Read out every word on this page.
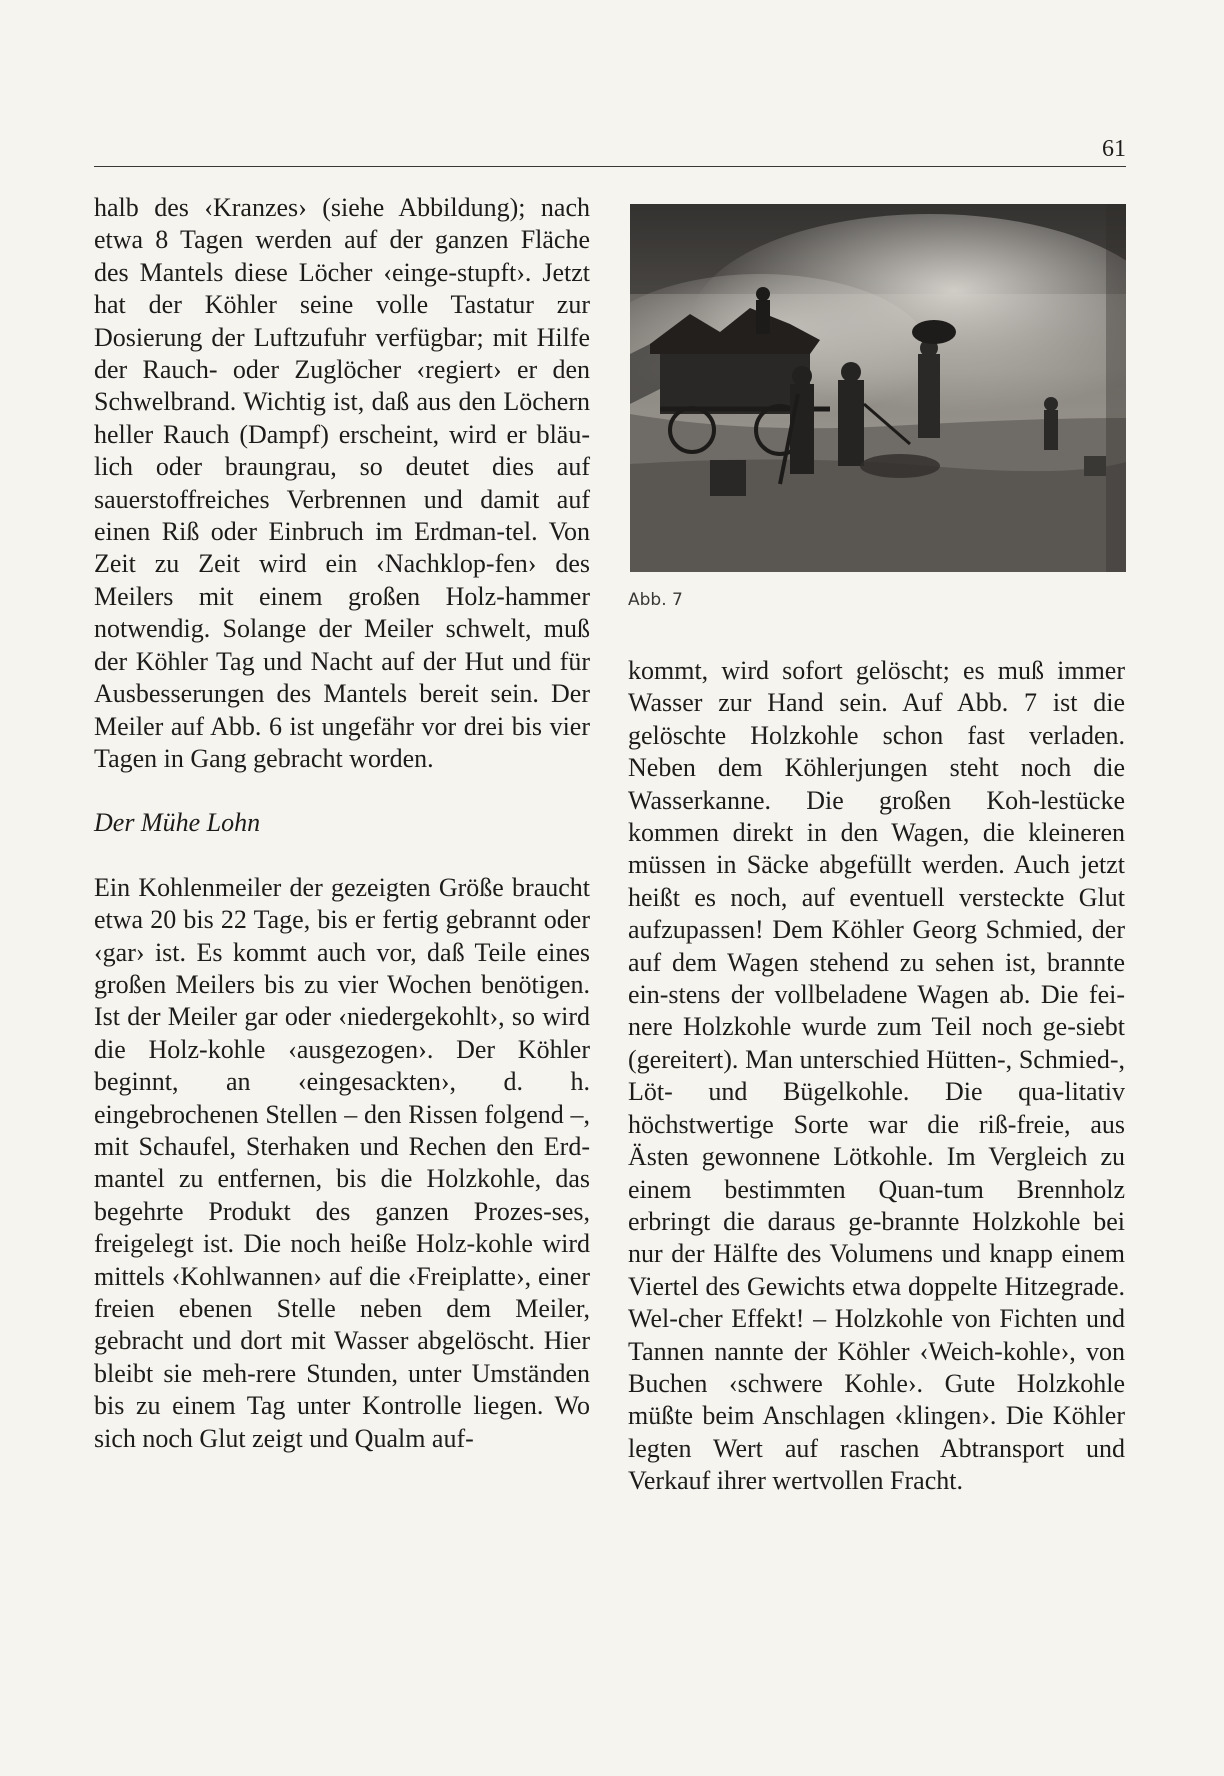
61

halb des ‹Kranzes› (siehe Abbildung); nach etwa 8 Tagen werden auf der ganzen Fläche des Mantels diese Löcher ‹einge-stupft›. Jetzt hat der Köhler seine volle Tastatur zur Dosierung der Luftzufuhr verfügbar; mit Hilfe der Rauch- oder Zuglöcher ‹regiert› er den Schwelbrand. Wichtig ist, daß aus den Löchern heller Rauch (Dampf) erscheint, wird er bläu-lich oder braungrau, so deutet dies auf sauerstoffreiches Verbrennen und damit auf einen Riß oder Einbruch im Erdman-tel. Von Zeit zu Zeit wird ein ‹Nachklop-fen› des Meilers mit einem großen Holz-hammer notwendig. Solange der Meiler schwelt, muß der Köhler Tag und Nacht auf der Hut und für Ausbesserungen des Mantels bereit sein. Der Meiler auf Abb. 6 ist ungefähr vor drei bis vier Tagen in Gang gebracht worden.

Der Mühe Lohn

Ein Kohlenmeiler der gezeigten Größe braucht etwa 20 bis 22 Tage, bis er fertig gebrannt oder ‹gar› ist. Es kommt auch vor, daß Teile eines großen Meilers bis zu vier Wochen benötigen. Ist der Meiler gar oder ‹niedergekohlt›, so wird die Holz-kohle ‹ausgezogen›. Der Köhler beginnt, an ‹eingesackten›, d. h. eingebrochenen Stellen – den Rissen folgend –, mit Schaufel, Sterhaken und Rechen den Erd-mantel zu entfernen, bis die Holzkohle, das begehrte Produkt des ganzen Prozes-ses, freigelegt ist. Die noch heiße Holz-kohle wird mittels ‹Kohlwannen› auf die ‹Freiplatte›, einer freien ebenen Stelle neben dem Meiler, gebracht und dort mit Wasser abgelöscht. Hier bleibt sie meh-rere Stunden, unter Umständen bis zu einem Tag unter Kontrolle liegen. Wo sich noch Glut zeigt und Qualm auf-

Abb. 7

kommt, wird sofort gelöscht; es muß immer Wasser zur Hand sein. Auf Abb. 7 ist die gelöschte Holzkohle schon fast verladen. Neben dem Köhlerjungen steht noch die Wasserkanne. Die großen Koh-lestücke kommen direkt in den Wagen, die kleineren müssen in Säcke abgefüllt werden. Auch jetzt heißt es noch, auf eventuell versteckte Glut aufzupassen! Dem Köhler Georg Schmied, der auf dem Wagen stehend zu sehen ist, brannte ein-stens der vollbeladene Wagen ab. Die fei-nere Holzkohle wurde zum Teil noch ge-siebt (gereitert). Man unterschied Hütten-, Schmied-, Löt- und Bügelkohle. Die qua-litativ höchstwertige Sorte war die riß-freie, aus Ästen gewonnene Lötkohle. Im Vergleich zu einem bestimmten Quan-tum Brennholz erbringt die daraus ge-brannte Holzkohle bei nur der Hälfte des Volumens und knapp einem Viertel des Gewichts etwa doppelte Hitzegrade. Wel-cher Effekt! – Holzkohle von Fichten und Tannen nannte der Köhler ‹Weich-kohle›, von Buchen ‹schwere Kohle›. Gute Holzkohle müßte beim Anschlagen ‹klingen›. Die Köhler legten Wert auf raschen Abtransport und Verkauf ihrer wertvollen Fracht.
